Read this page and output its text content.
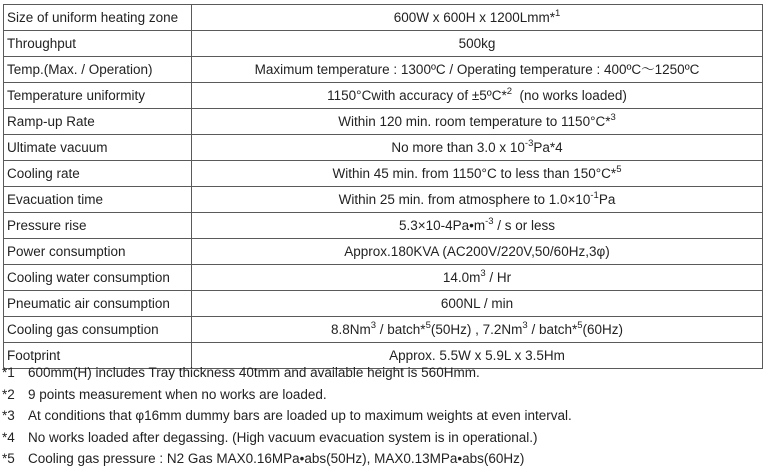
Size of uniform heating zone	600W x 600H x 1200Lmm*$^1$
Throughput	500kg
Temp.(Max. / Operation)	Maximum temperature : 1300ºC / Operating temperature : 400ºC～1250ºC
Temperature uniformity	1150°Cwith accuracy of ±5ºC*$^2$  (no works loaded)
Ramp-up Rate	Within 120 min. room temperature to 1150°C*$^3$
Ultimate vacuum	No more than 3.0 x $10^{-3}Pa*4$
Cooling rate	Within 45 min. from 1150°C to less than 150°C*$^5$
Evacuation time	Within 25 min. from atmosphere to $1.0\times 10^{-1}Pa$
Pressure rise	$5.3\times 10-4Pa•m^{-3} / s$ or less
Power consumption	Approx.180KVA (AC200V/220V,50/60Hz,3φ)
Cooling water consumption	$14.0m^3$ / Hr
Pneumatic air consumption	600NL / min
Cooling gas consumption	8.8Nm$^3$ / batch*$^5$(50Hz) , 7.2Nm$^3$ / batch*$^5$(60Hz)
Footprint	Approx. 5.5W x 5.9L x 3.5Hm
*1 600mm(H) includes Tray thickness 40tmm and available height is 560Hmm.
*2 9 points measurement when no works are loaded.
*3 At conditions that φ16mm dummy bars are loaded up to maximum weights at even interval.
*4 No works loaded after degassing. (High vacuum evacuation system is in operational.)
*5 Cooling gas pressure : N2 Gas MAX0.16MPa•abs(50Hz), MAX0.13MPa•abs(60Hz)
